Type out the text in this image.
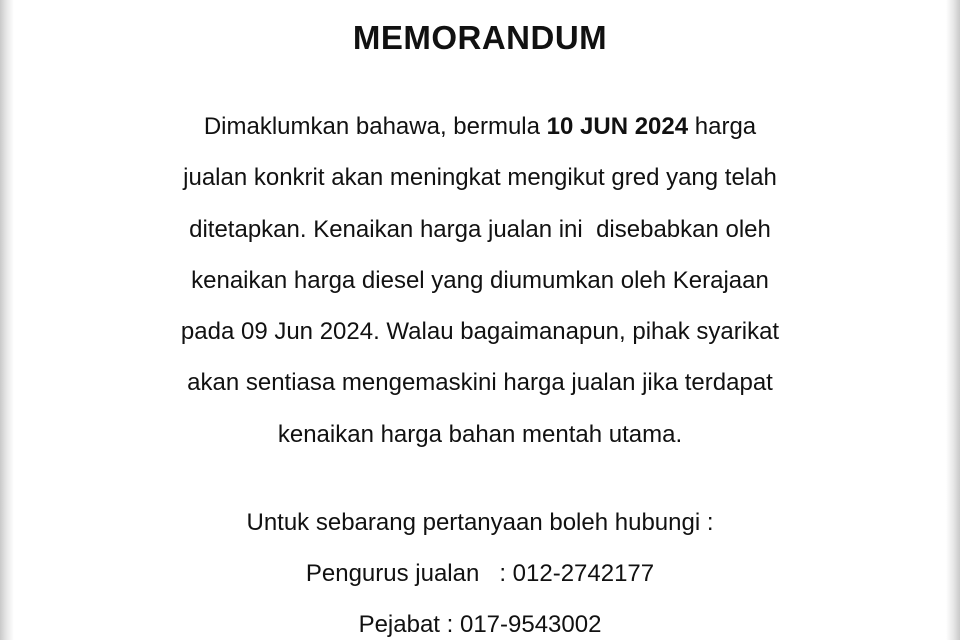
MEMORANDUM
Dimaklumkan bahawa, bermula 10 JUN 2024 harga
jualan konkrit akan meningkat mengikut gred yang telah
ditetapkan. Kenaikan harga jualan ini  disebabkan oleh
kenaikan harga diesel yang diumumkan oleh Kerajaan
pada 09 Jun 2024. Walau bagaimanapun, pihak syarikat
akan sentiasa mengemaskini harga jualan jika terdapat
kenaikan harga bahan mentah utama.
Untuk sebarang pertanyaan boleh hubungi :
Pengurus jualan   : 012-2742177
Pejabat : 017-9543002
